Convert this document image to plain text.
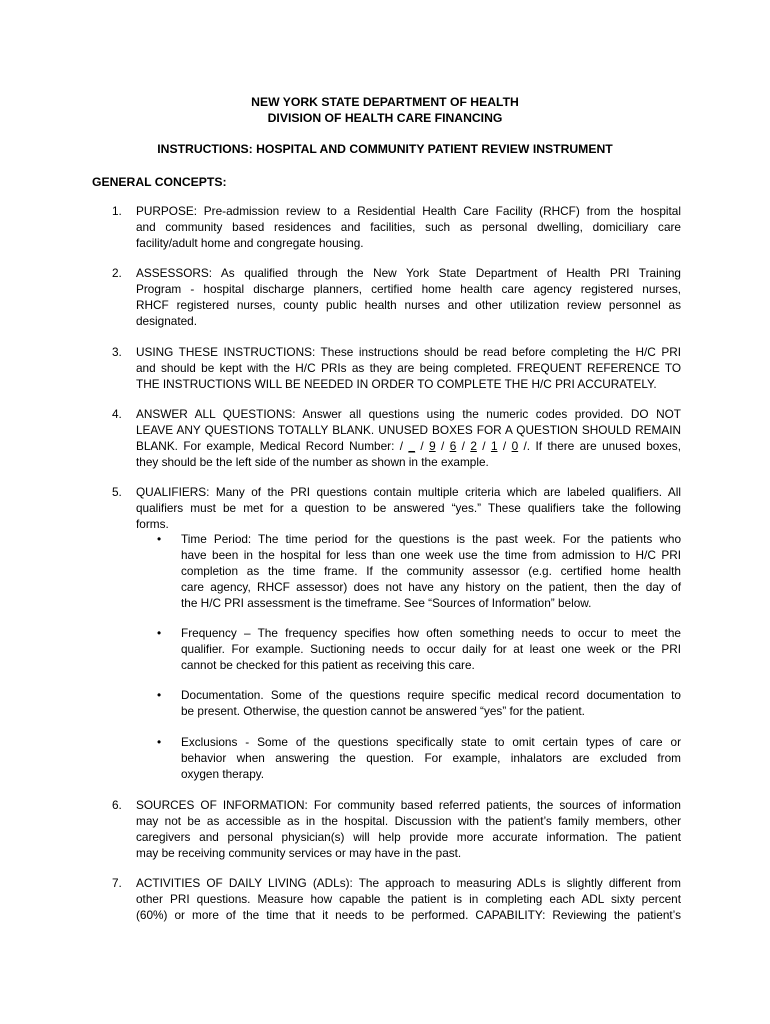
NEW YORK STATE DEPARTMENT OF HEALTH
DIVISION OF HEALTH CARE FINANCING
INSTRUCTIONS: HOSPITAL AND COMMUNITY PATIENT REVIEW INSTRUMENT
GENERAL CONCEPTS:
1.	PURPOSE: Pre-admission review to a Residential Health Care Facility (RHCF) from the hospital
and community based residences and facilities, such as personal dwelling, domiciliary care
facility/adult home and congregate housing.
2.	ASSESSORS: As qualified through the New York State Department of Health PRI Training
Program - hospital discharge planners, certified home health care agency registered nurses,
RHCF registered nurses, county public health nurses and other utilization review personnel as
designated.
3.	USING THESE INSTRUCTIONS: These instructions should be read before completing the H/C PRI
and should be kept with the H/C PRIs as they are being completed. FREQUENT REFERENCE TO
THE INSTRUCTIONS WILL BE NEEDED IN ORDER TO COMPLETE THE H/C PRI ACCURATELY.
4.	ANSWER ALL QUESTIONS: Answer all questions using the numeric codes provided. DO NOT
LEAVE ANY QUESTIONS TOTALLY BLANK. UNUSED BOXES FOR A QUESTION SHOULD REMAIN
BLANK. For example, Medical Record Number: / _ / 9 / 6 / 2 / 1 / 0 /. If there are unused boxes,
they should be the left side of the number as shown in the example.
5.	QUALIFIERS: Many of the PRI questions contain multiple criteria which are labeled qualifiers. All
qualifiers must be met for a question to be answered “yes.” These qualifiers take the following
forms.
•	Time Period: The time period for the questions is the past week. For the patients who
have been in the hospital for less than one week use the time from admission to H/C PRI
completion as the time frame. If the community assessor (e.g. certified home health
care agency, RHCF assessor) does not have any history on the patient, then the day of
the H/C PRI assessment is the timeframe. See “Sources of Information” below.
•	Frequency – The frequency specifies how often something needs to occur to meet the
qualifier. For example. Suctioning needs to occur daily for at least one week or the PRI
cannot be checked for this patient as receiving this care.
•	Documentation. Some of the questions require specific medical record documentation to
be present. Otherwise, the question cannot be answered “yes” for the patient.
•	Exclusions - Some of the questions specifically state to omit certain types of care or
behavior when answering the question. For example, inhalators are excluded from
oxygen therapy.
6.	SOURCES OF INFORMATION: For community based referred patients, the sources of information
may not be as accessible as in the hospital. Discussion with the patient’s family members, other
caregivers and personal physician(s) will help provide more accurate information. The patient
may be receiving community services or may have in the past.
7.	ACTIVITIES OF DAILY LIVING (ADLs): The approach to measuring ADLs is slightly different from
other PRI questions. Measure how capable the patient is in completing each ADL sixty percent
(60%) or more of the time that it needs to be performed. CAPABILITY: Reviewing the patient’s
